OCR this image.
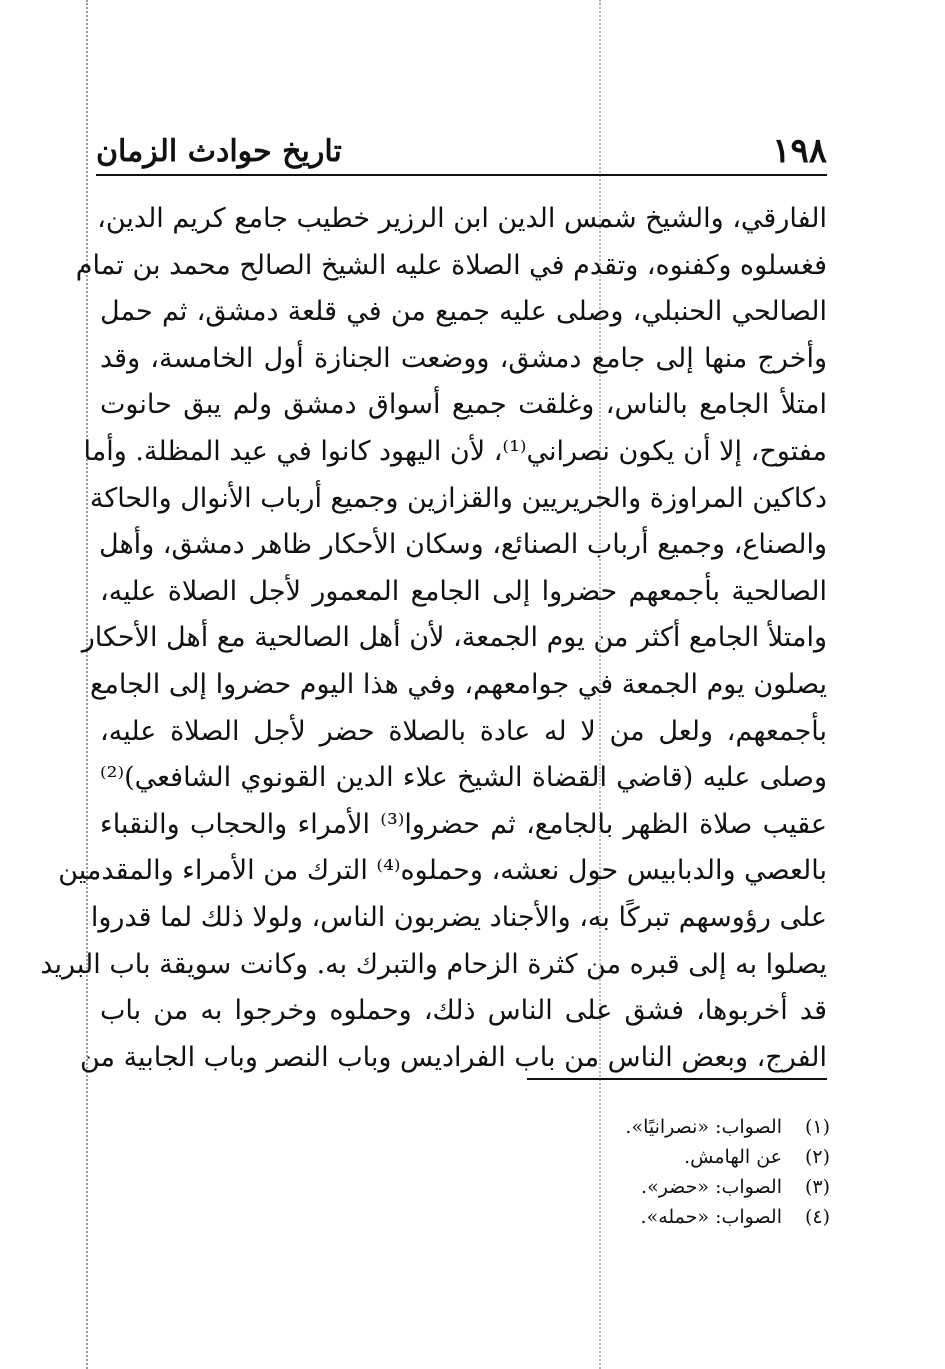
١٩٨
تاريخ حوادث الزمان
الفارقي، والشيخ شمس الدين ابن الرزير خطيب جامع كريم الدين،
فغسلوه وكفنوه، وتقدم في الصلاة عليه الشيخ الصالح محمد بن تمام
الصالحي الحنبلي، وصلى عليه جميع من في قلعة دمشق، ثم حمل
وأخرج منها إلى جامع دمشق، ووضعت الجنازة أول الخامسة، وقد
امتلأ الجامع بالناس، وغلقت جميع أسواق دمشق ولم يبق حانوت
مفتوح، إلا أن يكون نصراني⁽¹⁾، لأن اليهود كانوا في عيد المظلة. وأما
دكاكين المراوزة والحريريين والقزازين وجميع أرباب الأنوال والحاكة
والصناع، وجميع أرباب الصنائع، وسكان الأحكار ظاهر دمشق، وأهل
الصالحية بأجمعهم حضروا إلى الجامع المعمور لأجل الصلاة عليه،
وامتلأ الجامع أكثر من يوم الجمعة، لأن أهل الصالحية مع أهل الأحكار
يصلون يوم الجمعة في جوامعهم، وفي هذا اليوم حضروا إلى الجامع
بأجمعهم، ولعل من لا له عادة بالصلاة حضر لأجل الصلاة عليه،
وصلى عليه (قاضي القضاة الشيخ علاء الدين القونوي الشافعي)⁽²⁾
عقيب صلاة الظهر بالجامع، ثم حضروا⁽³⁾ الأمراء والحجاب والنقباء
بالعصي والدبابيس حول نعشه، وحملوه⁽⁴⁾ الترك من الأمراء والمقدمين
على رؤوسهم تبركًا به، والأجناد يضربون الناس، ولولا ذلك لما قدروا
يصلوا به إلى قبره من كثرة الزحام والتبرك به. وكانت سويقة باب البريد
قد أخربوها، فشق على الناس ذلك، وحملوه وخرجوا به من باب
الفرج، وبعض الناس من باب الفراديس وباب النصر وباب الجابية من
(١)
الصواب: «نصرانيًا».
(٢)
عن الهامش.
(٣)
الصواب: «حضر».
(٤)
الصواب: «حمله».
